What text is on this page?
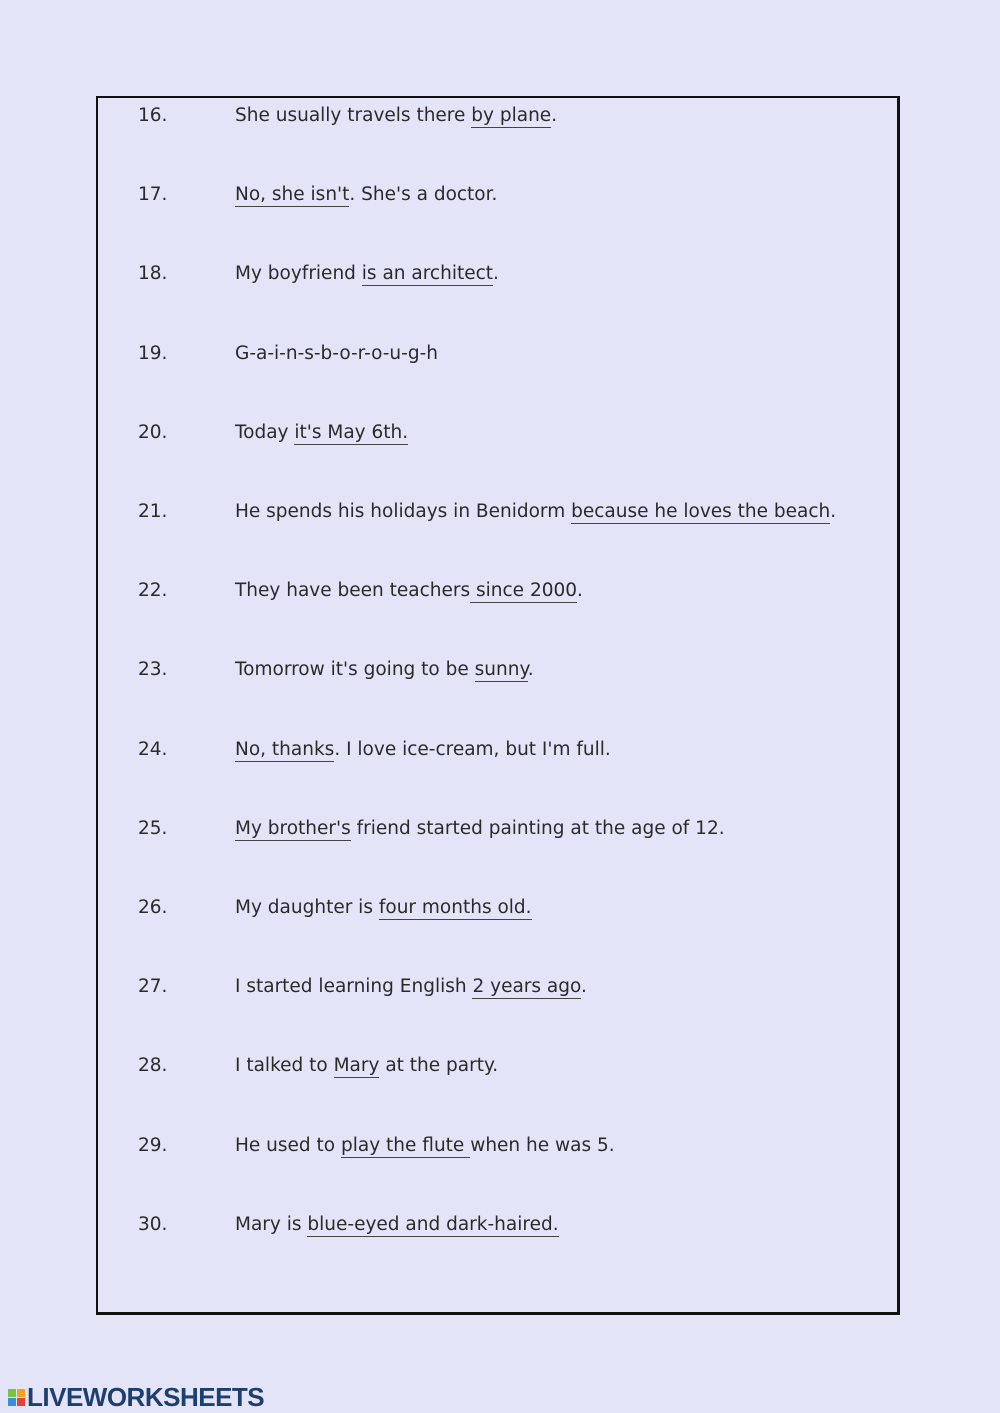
16.	She usually travels there by plane.
17.	No, she isn't. She's a doctor.
18.	My boyfriend is an architect.
19.	G-a-i-n-s-b-o-r-o-u-g-h
20.	Today it's May 6th.
21.	He spends his holidays in Benidorm because he loves the beach.
22.	They have been teachers since 2000.
23.	Tomorrow it's going to be sunny.
24.	No, thanks. I love ice-cream, but I'm full.
25.	My brother's friend started painting at the age of 12.
26.	My daughter is four months old.
27.	I started learning English 2 years ago.
28.	I talked to Mary at the party.
29.	He used to play the flute when he was 5.
30.	Mary is blue-eyed and dark-haired.
LIVEWORKSHEETS
